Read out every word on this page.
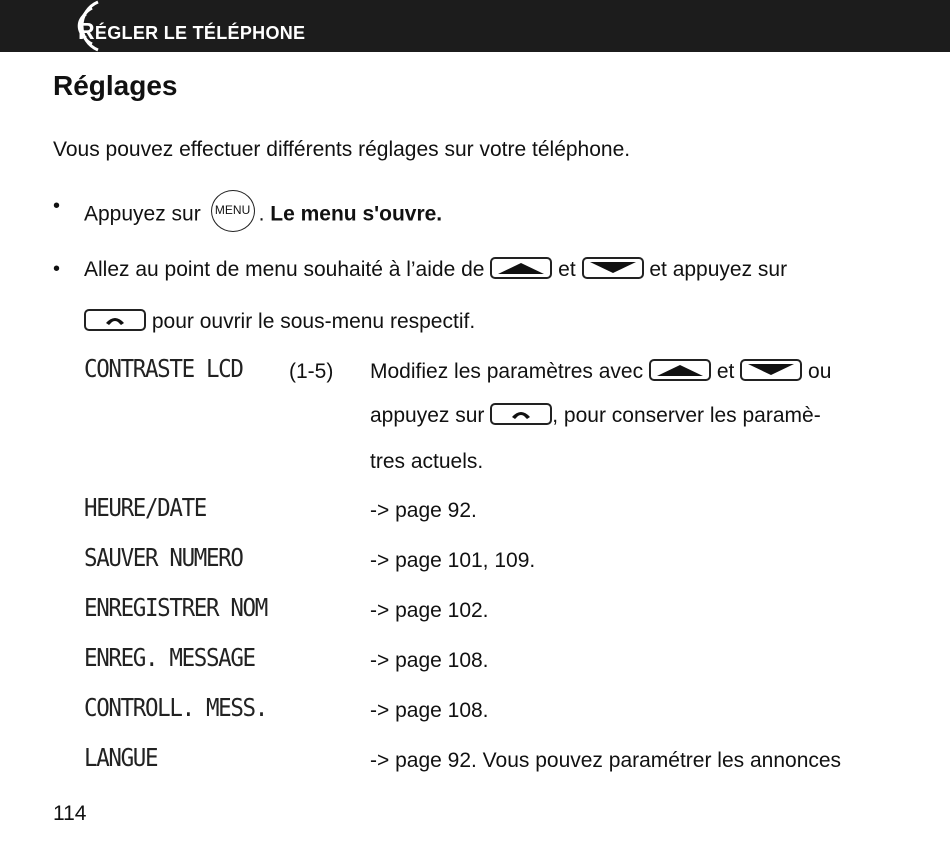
RÉGLER LE TÉLÉPHONE
Réglages
Vous pouvez effectuer différents réglages sur votre téléphone.
• Appuyez sur MENU . Le menu s'ouvre.
• Allez au point de menu souhaité à l’aide de	et	et appuyez sur
pour ouvrir le sous-menu respectif.
CONTRASTE LCD (1-5) Modifiez les paramètres avec	et	ou
appuyez sur	, pour conserver les paramè-
tres actuels.
HEURE/DATE	-> page 92.
SAUVER NUMERO	-> page 101, 109.
ENREGISTRER NOM	-> page 102.
ENREG. MESSAGE	-> page 108.
CONTROLL. MESS.	-> page 108.
LANGUE	-> page 92. Vous pouvez paramétrer les annonces
114
